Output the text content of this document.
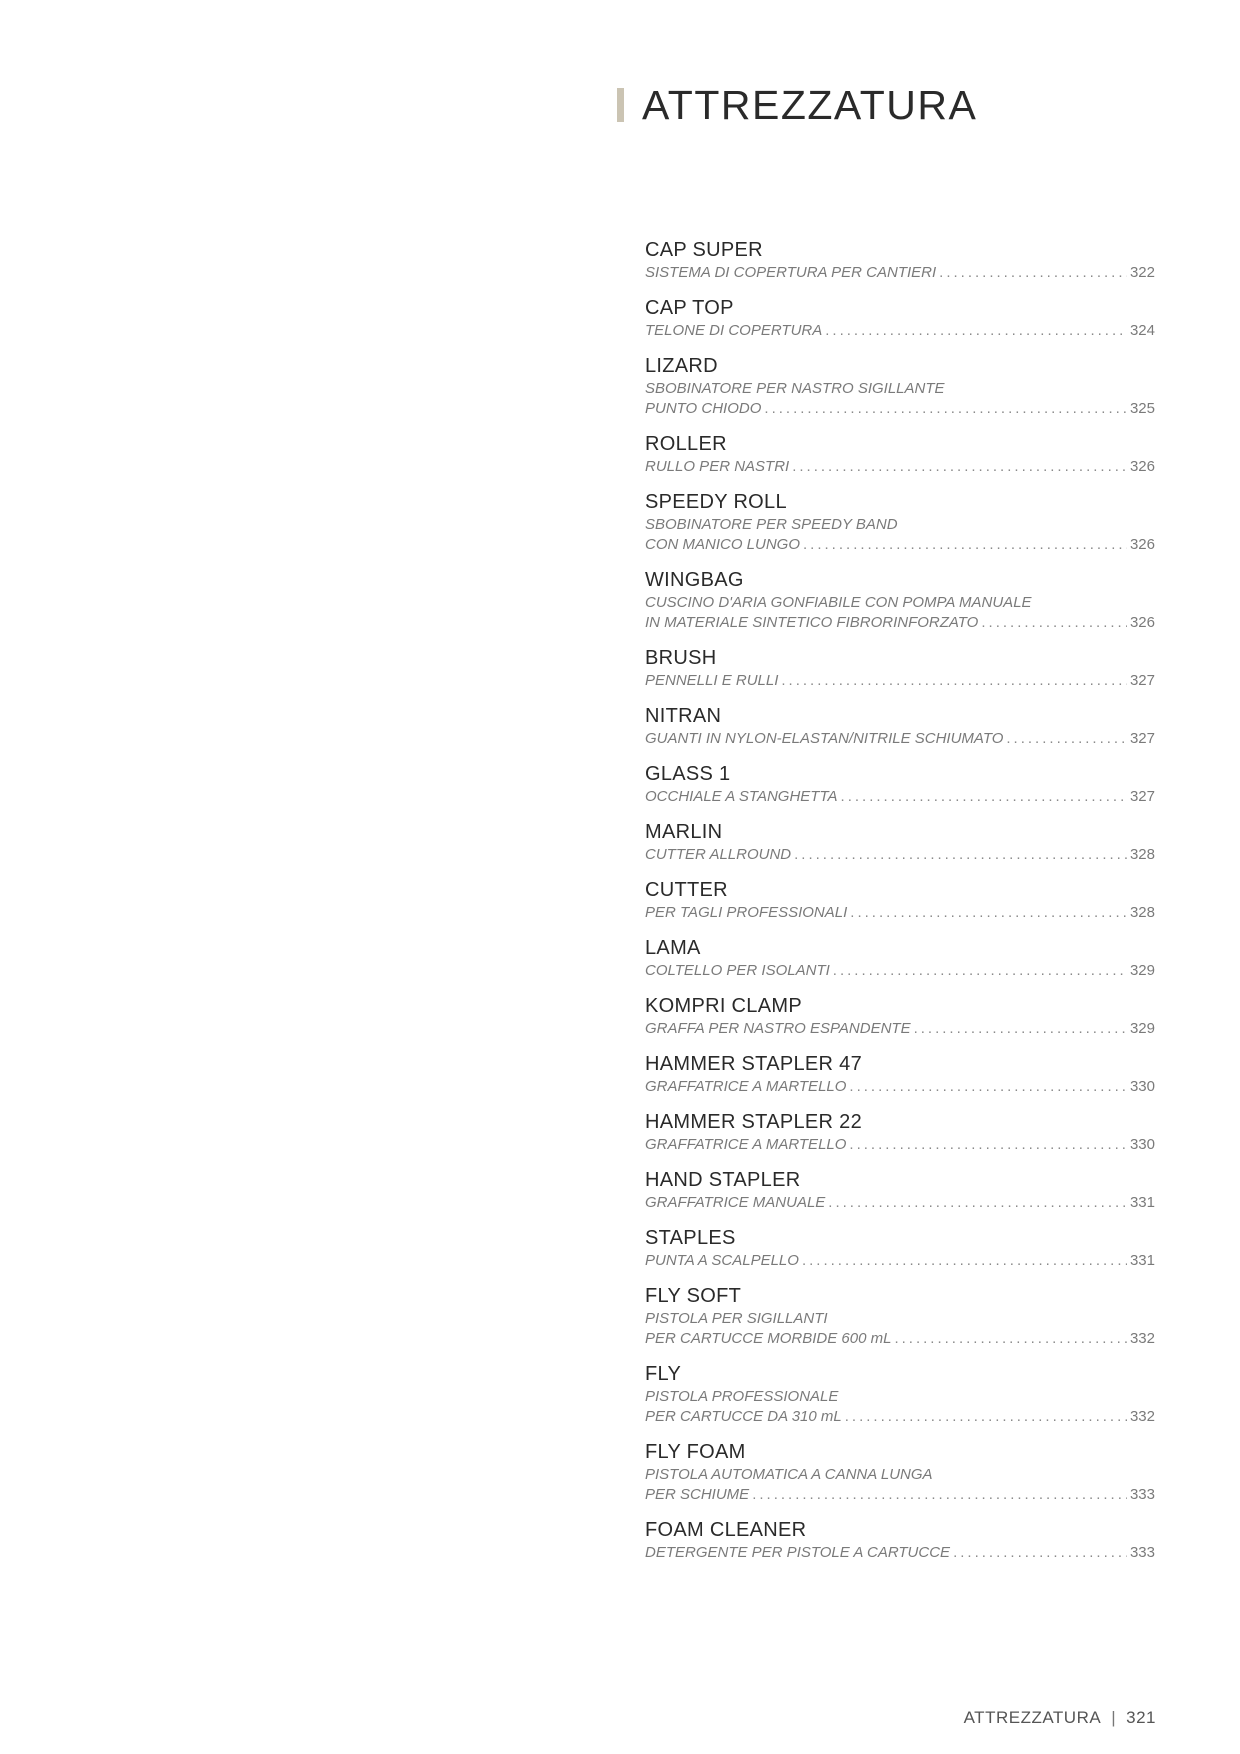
ATTREZZATURA
CAP SUPER
SISTEMA DI COPERTURA PER CANTIERI .....	322
CAP TOP
TELONE DI COPERTURA .....	324
LIZARD
SBOBINATORE PER NASTRO SIGILLANTE
PUNTO CHIODO .....	325
ROLLER
RULLO PER NASTRI .....	326
SPEEDY ROLL
SBOBINATORE PER SPEEDY BAND
CON MANICO LUNGO .....	326
WINGBAG
CUSCINO D'ARIA GONFIABILE CON POMPA MANUALE
IN MATERIALE SINTETICO FIBRORINFORZATO .....	326
BRUSH
PENNELLI E RULLI .....	327
NITRAN
GUANTI IN NYLON-ELASTAN/NITRILE SCHIUMATO .....	327
GLASS 1
OCCHIALE A STANGHETTA .....	327
MARLIN
CUTTER ALLROUND .....	328
CUTTER
PER TAGLI PROFESSIONALI .....	328
LAMA
COLTELLO PER ISOLANTI .....	329
KOMPRI CLAMP
GRAFFA PER NASTRO ESPANDENTE .....	329
HAMMER STAPLER 47
GRAFFATRICE A MARTELLO .....	330
HAMMER STAPLER 22
GRAFFATRICE A MARTELLO .....	330
HAND STAPLER
GRAFFATRICE MANUALE .....	331
STAPLES
PUNTA A SCALPELLO .....	331
FLY SOFT
PISTOLA PER SIGILLANTI
PER CARTUCCE MORBIDE 600 mL .....	332
FLY
PISTOLA PROFESSIONALE
PER CARTUCCE DA 310 mL .....	332
FLY FOAM
PISTOLA AUTOMATICA A CANNA LUNGA
PER SCHIUME .....	333
FOAM CLEANER
DETERGENTE PER PISTOLE A CARTUCCE .....	333
ATTREZZATURA | 321
